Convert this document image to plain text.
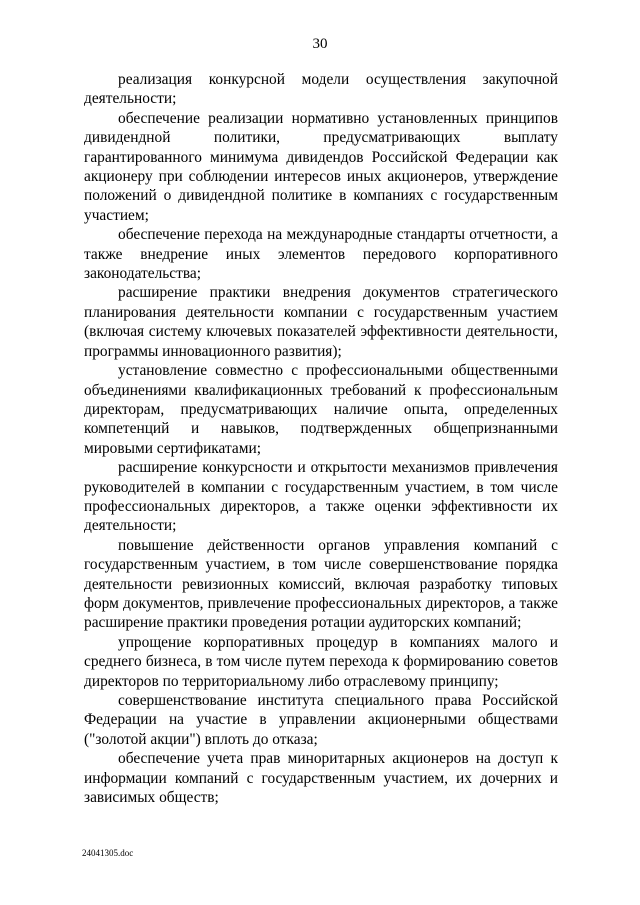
30

реализация конкурсной модели осуществления закупочной деятельности;

обеспечение реализации нормативно установленных принципов дивидендной политики, предусматривающих выплату гарантированного минимума дивидендов Российской Федерации как акционеру при соблюдении интересов иных акционеров, утверждение положений о дивидендной политике в компаниях с государственным участием;

обеспечение перехода на международные стандарты отчетности, а также внедрение иных элементов передового корпоративного законодательства;

расширение практики внедрения документов стратегического планирования деятельности компании с государственным участием (включая систему ключевых показателей эффективности деятельности, программы инновационного развития);

установление совместно с профессиональными общественными объединениями квалификационных требований к профессиональным директорам, предусматривающих наличие опыта, определенных компетенций и навыков, подтвержденных общепризнанными мировыми сертификатами;

расширение конкурсности и открытости механизмов привлечения руководителей в компании с государственным участием, в том числе профессиональных директоров, а также оценки эффективности их деятельности;

повышение действенности органов управления компаний с государственным участием, в том числе совершенствование порядка деятельности ревизионных комиссий, включая разработку типовых форм документов, привлечение профессиональных директоров, а также расширение практики проведения ротации аудиторских компаний;

упрощение корпоративных процедур в компаниях малого и среднего бизнеса, в том числе путем перехода к формированию советов директоров по территориальному либо отраслевому принципу;

совершенствование института специального права Российской Федерации на участие в управлении акционерными обществами ("золотой акции") вплоть до отказа;

обеспечение учета прав миноритарных акционеров на доступ к информации компаний с государственным участием, их дочерних и зависимых обществ;

24041305.doc
